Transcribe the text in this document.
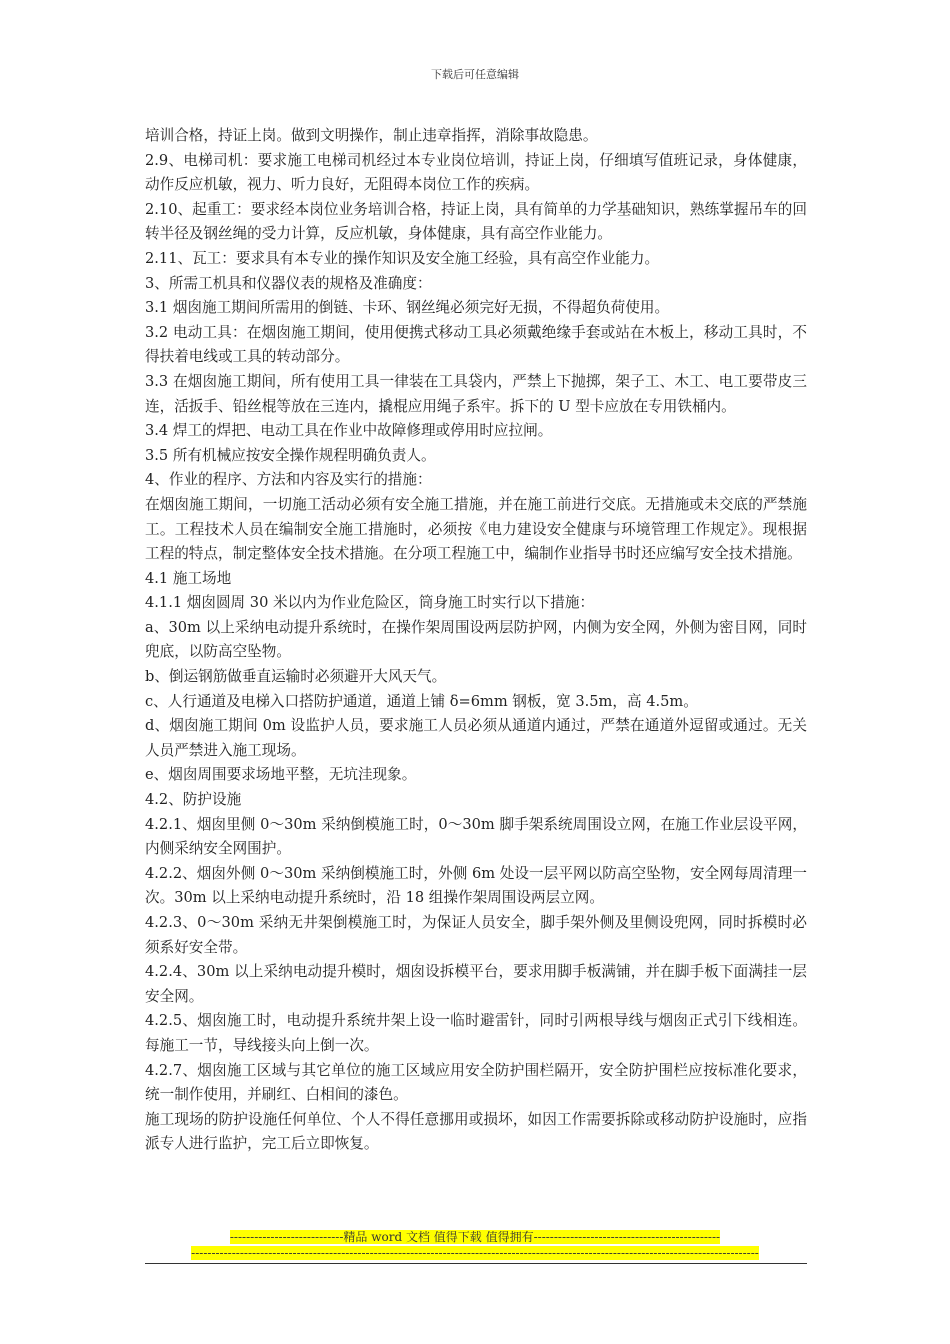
下载后可任意编辑

培训合格，持证上岗。做到文明操作，制止违章指挥，消除事故隐患。

2.9、电梯司机：要求施工电梯司机经过本专业岗位培训，持证上岗，仔细填写值班记录，身体健康，动作反应机敏，视力、听力良好，无阻碍本岗位工作的疾病。

2.10、起重工：要求经本岗位业务培训合格，持证上岗，具有简单的力学基础知识，熟练掌握吊车的回转半径及钢丝绳的受力计算，反应机敏，身体健康，具有高空作业能力。

2.11、瓦工：要求具有本专业的操作知识及安全施工经验，具有高空作业能力。

3、所需工机具和仪器仪表的规格及准确度：

3.1 烟囱施工期间所需用的倒链、卡环、钢丝绳必须完好无损，不得超负荷使用。

3.2 电动工具：在烟囱施工期间，使用便携式移动工具必须戴绝缘手套或站在木板上，移动工具时，不得扶着电线或工具的转动部分。

3.3 在烟囱施工期间，所有使用工具一律装在工具袋内，严禁上下抛掷，架子工、木工、电工要带皮三连，活扳手、铅丝棍等放在三连内，撬棍应用绳子系牢。拆下的 U 型卡应放在专用铁桶内。

3.4 焊工的焊把、电动工具在作业中故障修理或停用时应拉闸。

3.5 所有机械应按安全操作规程明确负责人。

4、作业的程序、方法和内容及实行的措施：

在烟囱施工期间，一切施工活动必须有安全施工措施，并在施工前进行交底。无措施或未交底的严禁施工。工程技术人员在编制安全施工措施时，必须按《电力建设安全健康与环境管理工作规定》。现根据工程的特点，制定整体安全技术措施。在分项工程施工中，编制作业指导书时还应编写安全技术措施。

4.1 施工场地

4.1.1 烟囱圆周 30 米以内为作业危险区，筒身施工时实行以下措施：

a、30m 以上采纳电动提升系统时，在操作架周围设两层防护网，内侧为安全网，外侧为密目网，同时兜底，以防高空坠物。

b、倒运钢筋做垂直运输时必须避开大风天气。

c、人行通道及电梯入口搭防护通道，通道上铺 δ=6mm 钢板，宽 3.5m，高 4.5m。

d、烟囱施工期间 0m 设监护人员，要求施工人员必须从通道内通过，严禁在通道外逗留或通过。无关人员严禁进入施工现场。

e、烟囱周围要求场地平整，无坑洼现象。

4.2、防护设施

4.2.1、烟囱里侧 0～30m 采纳倒模施工时，0～30m 脚手架系统周围设立网，在施工作业层设平网，内侧采纳安全网围护。

4.2.2、烟囱外侧 0～30m 采纳倒模施工时，外侧 6m 处设一层平网以防高空坠物，安全网每周清理一次。30m 以上采纳电动提升系统时，沿 18 组操作架周围设两层立网。

4.2.3、0～30m 采纳无井架倒模施工时，为保证人员安全，脚手架外侧及里侧设兜网，同时拆模时必须系好安全带。

4.2.4、30m 以上采纳电动提升模时，烟囱设拆模平台，要求用脚手板满铺，并在脚手板下面满挂一层安全网。

4.2.5、烟囱施工时，电动提升系统井架上设一临时避雷针，同时引两根导线与烟囱正式引下线相连。每施工一节，导线接头向上倒一次。

4.2.7、烟囱施工区域与其它单位的施工区域应用安全防护围栏隔开，安全防护围栏应按标准化要求，统一制作使用，并刷红、白相间的漆色。

施工现场的防护设施任何单位、个人不得任意挪用或损坏，如因工作需要拆除或移动防护设施时，应指派专人进行监护，完工后立即恢复。

----------------------------精品 word 文档 值得下载 值得拥有----------------------------------------------
--------------------------------------------------------------------------------------------------------------------------------------------
